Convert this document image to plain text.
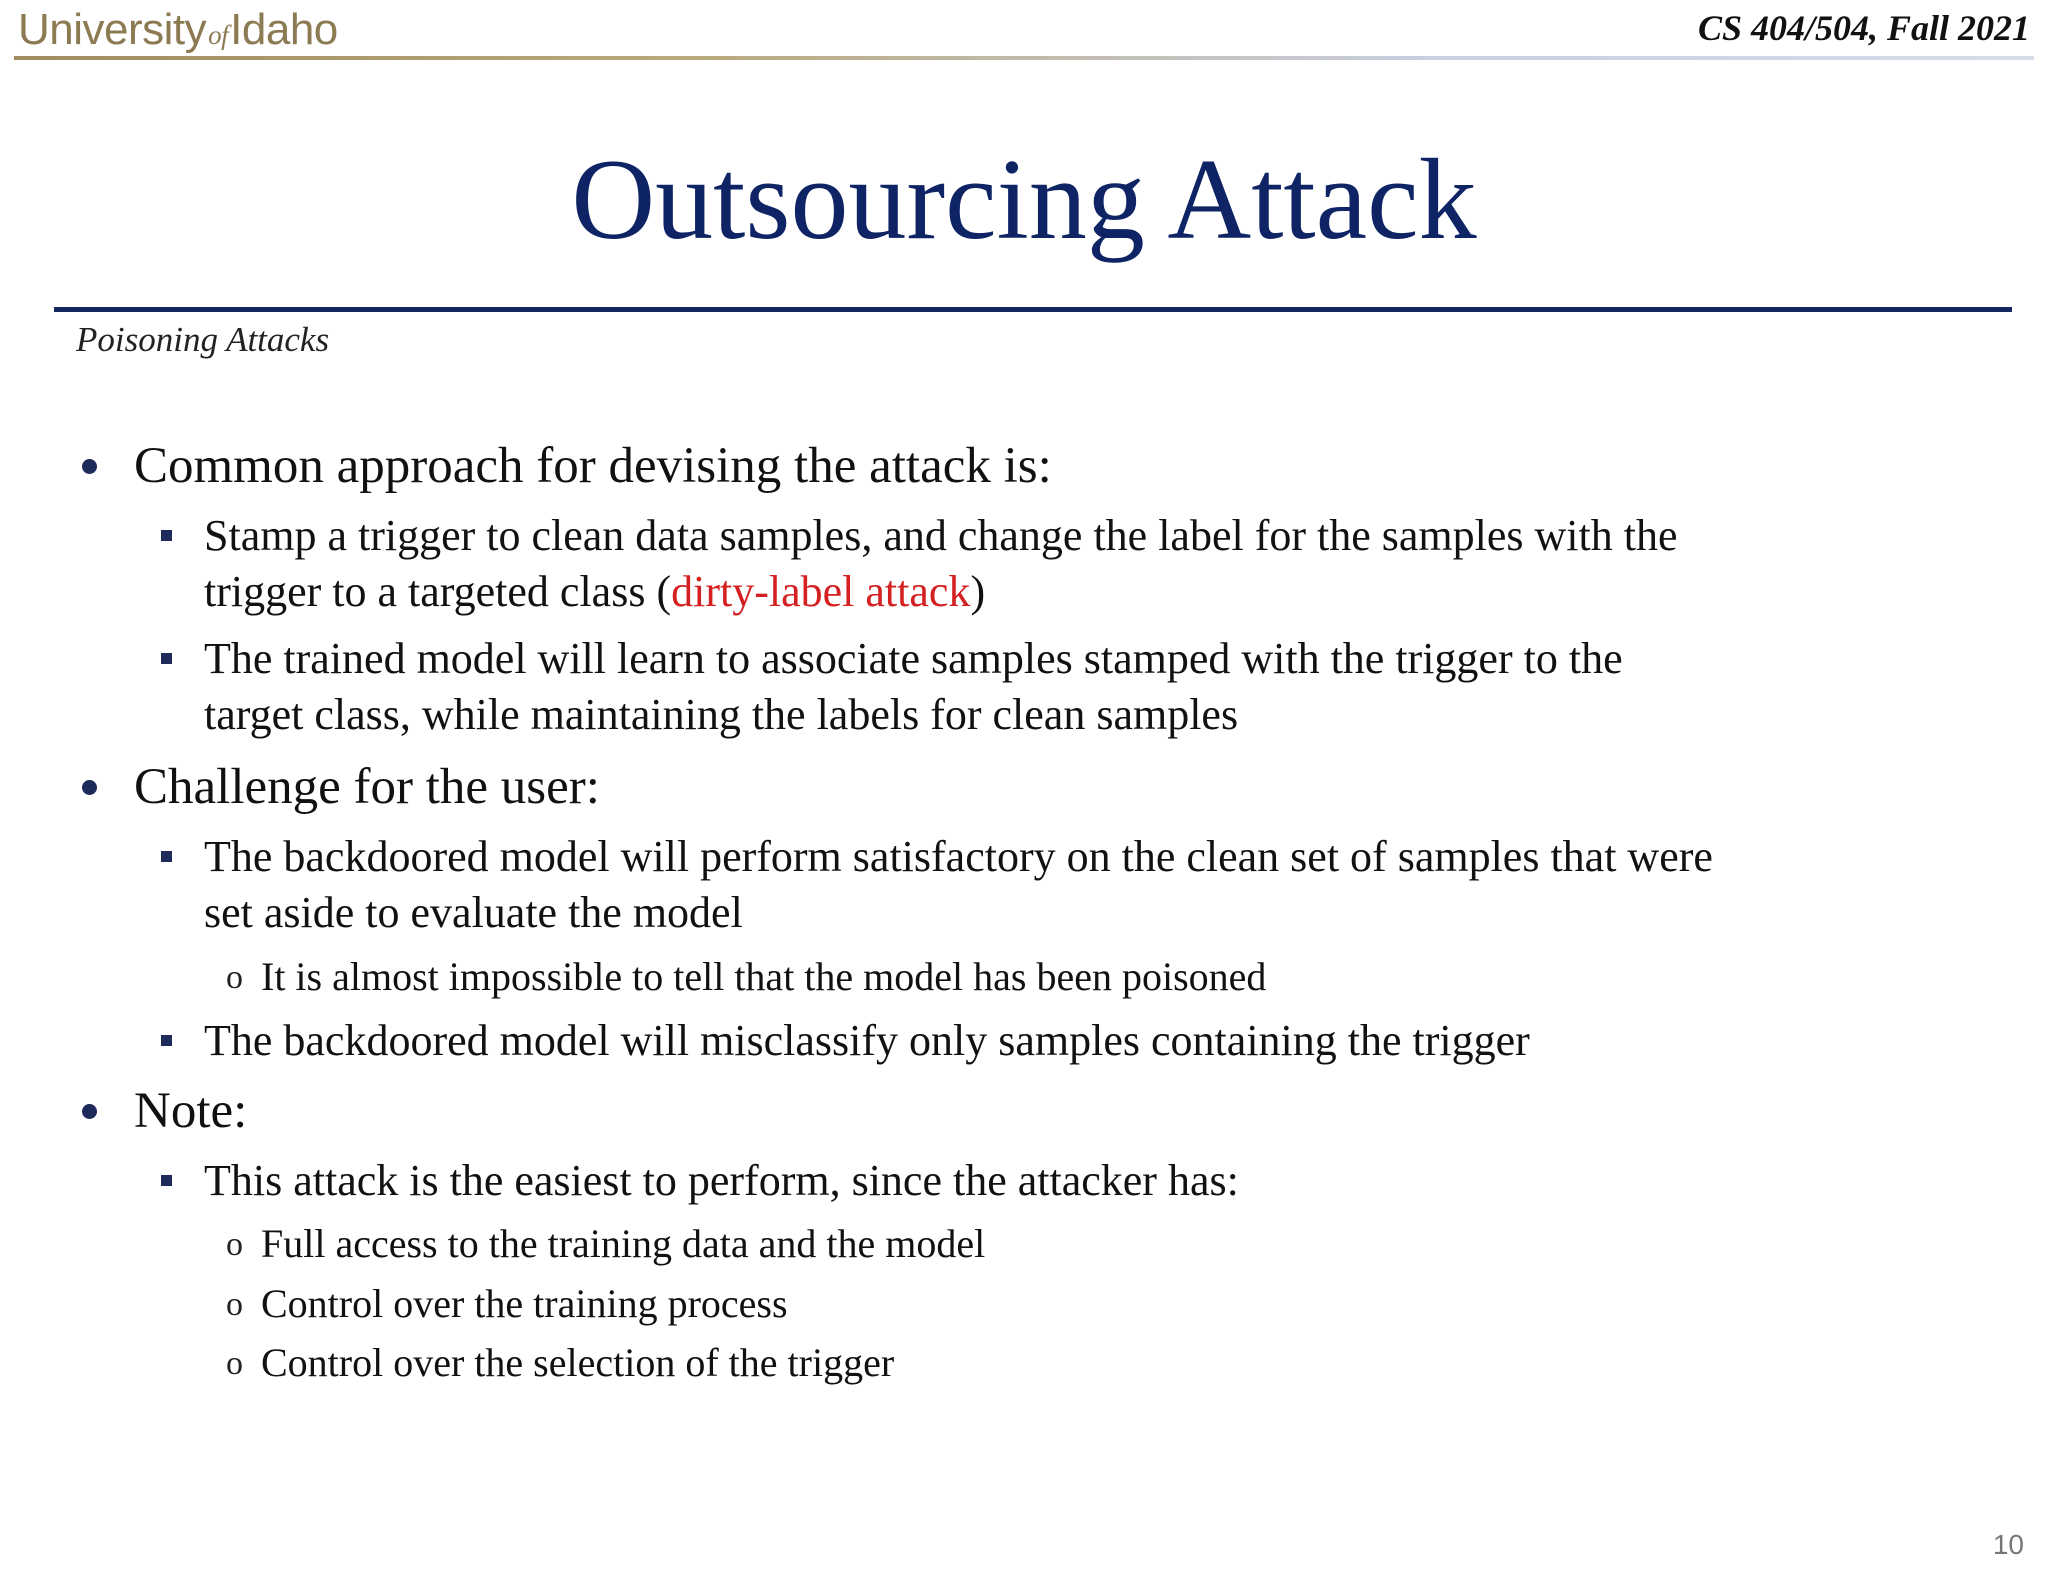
UniversityofIdaho	CS 404/504, Fall 2021
Outsourcing Attack
Poisoning Attacks
Common approach for devising the attack is:
Stamp a trigger to clean data samples, and change the label for the samples with the
trigger to a targeted class (dirty-label attack)
The trained model will learn to associate samples stamped with the trigger to the
target class, while maintaining the labels for clean samples
Challenge for the user:
The backdoored model will perform satisfactory on the clean set of samples that were
set aside to evaluate the model
o It is almost impossible to tell that the model has been poisoned
The backdoored model will misclassify only samples containing the trigger
Note:
This attack is the easiest to perform, since the attacker has:
o Full access to the training data and the model
o Control over the training process
o Control over the selection of the trigger
10
